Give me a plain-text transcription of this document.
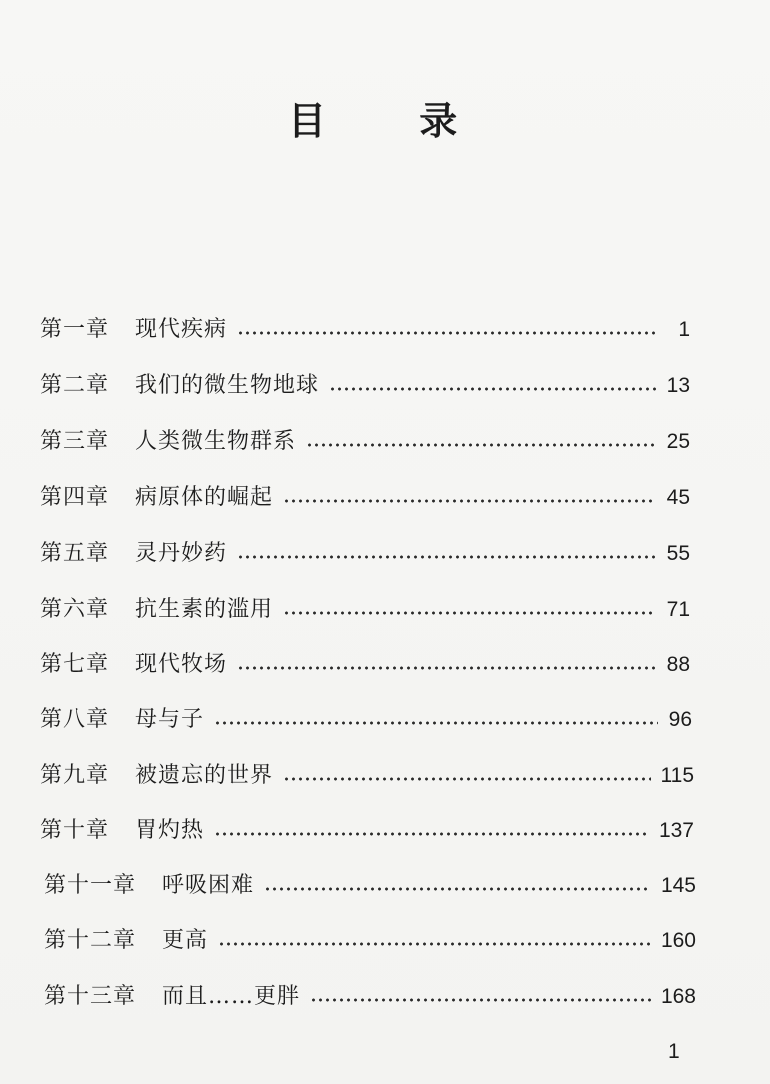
目 录
第一章 现代疾病	1
第二章 我们的微生物地球	13
第三章 人类微生物群系	25
第四章 病原体的崛起	45
第五章 灵丹妙药	55
第六章 抗生素的滥用	71
第七章 现代牧场	88
第八章 母与子	96
第九章 被遗忘的世界	115
第十章 胃灼热	137
第十一章 呼吸困难	145
第十二章 更高	160
第十三章 而且……更胖	168
1
